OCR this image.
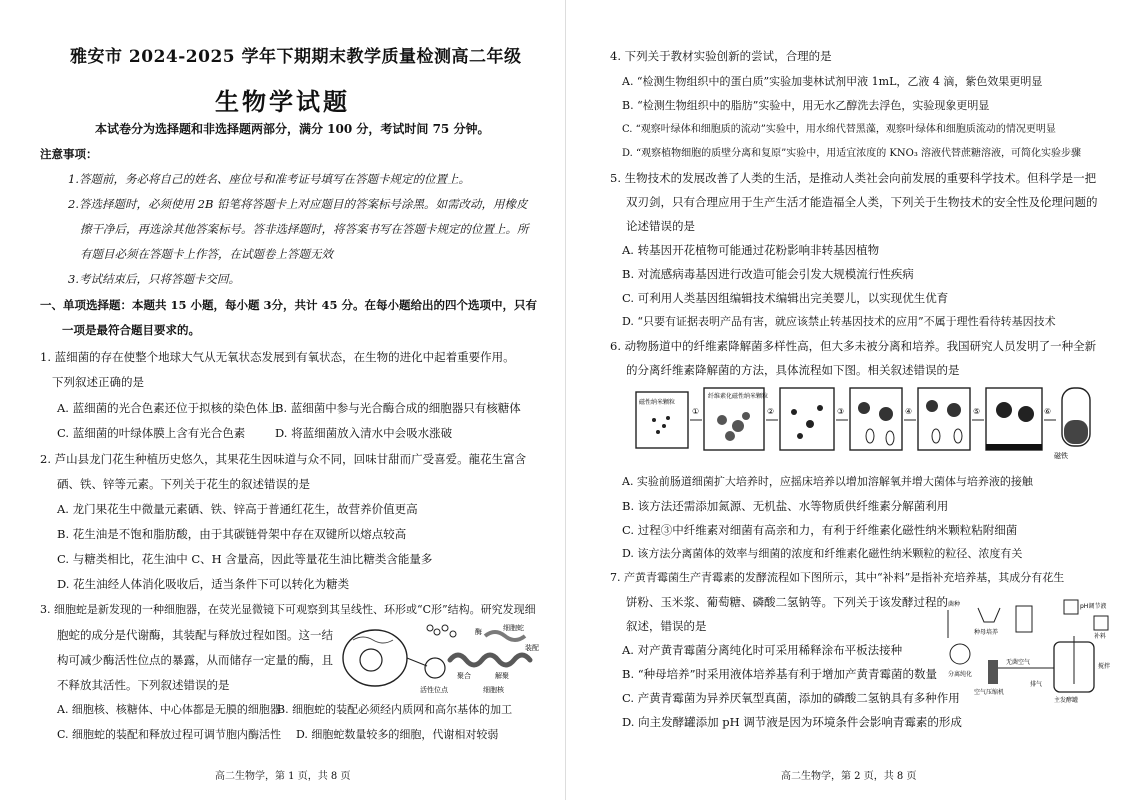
雅安市 2024-2025 学年下期期末教学质量检测高二年级
生物学试题
本试卷分为选择题和非选择题两部分，满分 100 分，考试时间 75 分钟。
注意事项：
1.答题前，务必将自己的姓名、座位号和准考证号填写在答题卡规定的位置上。
2.答选择题时，必须使用 2B 铅笔将答题卡上对应题目的答案标号涂黑。如需改动，用橡皮
擦干净后，再选涂其他答案标号。答非选择题时，将答案书写在答题卡规定的位置上。所
有题目必须在答题卡上作答，在试题卷上答题无效
3.考试结束后，只将答题卡交回。
一、单项选择题：本题共 15 小题，每小题 3分，共计 45 分。在每小题给出的四个选项中，只有
一项是最符合题目要求的。
1. 蓝细菌的存在使整个地球大气从无氧状态发展到有氧状态，在生物的进化中起着重要作用。
下列叙述正确的是
A. 蓝细菌的光合色素还位于拟核的染色体上
B. 蓝细菌中参与光合酶合成的细胞器只有核糖体
C. 蓝细菌的叶绿体膜上含有光合色素	D. 将蓝细菌放入清水中会吸水涨破
2. 芦山县龙门花生种植历史悠久，其果花生因味道与众不同，回味甘甜而广受喜爱。龍花生富含
硒、铁、锌等元素。下列关于花生的叙述错误的是
A. 龙门果花生中微量元素硒、铁、锌高于普通红花生，故营养价值更高
B. 花生油是不饱和脂肪酸，由于其碳链骨架中存在双键所以熔点较高
C. 与糖类相比，花生油中 C、H 含量高，因此等量花生油比糖类含能量多
D. 花生油经人体消化吸收后，适当条件下可以转化为糖类
3. 细胞蛇是新发现的一种细胞器，在荧光显微镜下可观察到其呈线性、环形或“C形”结构。研究发现细
胞蛇的成分是代谢酶，其装配与释放过程如图。这一结
构可减少酶活性位点的暴露，从而储存一定量的酶，且
不释放其活性。下列叙述错误的是
A. 细胞核、核糖体、中心体都是无膜的细胞器
B. 细胞蛇的装配必须经内质网和高尔基体的加工
C. 细胞蛇的装配和释放过程可调节胞内酶活性 D. 细胞蛇数量较多的细胞，代谢相对较弱
酶
聚合
装配
解聚
细胞蛇
活性位点	细胞核
高二生物学，第 1 页，共 8 页
4. 下列关于教材实验创新的尝试，合理的是
A. “检测生物组织中的蛋白质”实验加斐林试剂甲液 1mL，乙液 4 滴，紫色效果更明显
B. “检测生物组织中的脂肪”实验中，用无水乙醇洗去浮色，实验现象更明显
C. “观察叶绿体和细胞质的流动”实验中，用水绵代替黑藻，观察叶绿体和细胞质流动的情况更明显
D. “观察植物细胞的质壁分离和复原”实验中，用适宜浓度的 KNO₃ 溶液代替蔗糖溶液，可简化实验步骤
5. 生物技术的发展改善了人类的生活，是推动人类社会向前发展的重要科学技术。但科学是一把
双刃剑，只有合理应用于生产生活才能造福全人类，下列关于生物技术的安全性及伦理问题的
论述错误的是
A. 转基因开花植物可能通过花粉影响非转基因植物
B. 对流感病毒基因进行改造可能会引发大规模流行性疾病
C. 可利用人类基因组编辑技术编辑出完美婴儿，以实现优生优育
D. “只要有证据表明产品有害，就应该禁止转基因技术的应用”不属于理性看待转基因技术
6. 动物肠道中的纤维素降解菌多样性高，但大多未被分离和培养。我国研究人员发明了一种全新
的分离纤维素降解菌的方法，具体流程如下图。相关叙述错误的是
磁性纳米颗粒
①
纤维素化磁性纳米颗粒
②	③	④	⑤	⑥
磁铁
A. 实验前肠道细菌扩大培养时，应摇床培养以增加溶解氧并增大菌体与培养液的接触
B. 该方法还需添加氮源、无机盐、水等物质供纤维素分解菌利用
C. 过程③中纤维素对细菌有高亲和力，有利于纤维素化磁性纳米颗粒粘附细菌
D. 该方法分离菌体的效率与细菌的浓度和纤维素化磁性纳米颗粒的粒径、浓度有关
7. 产黄青霉菌生产青霉素的发酵流程如下图所示，其中“补料”是指补充培养基，其成分有花生
饼粉、玉米浆、葡萄糖、磷酸二氢钠等。下列关于该发酵过程的
叙述，错误的是
A. 对产黄青霉菌分离纯化时可采用稀释涂布平板法接种
B. “种母培养”时采用液体培养基有利于增加产黄青霉菌的数量
C. 产黄青霉菌为异养厌氧型真菌，添加的磷酸二氢钠具有多种作用
D. 向主发酵罐添加 pH 调节液是因为环境条件会影响青霉素的形成
菌种
分离纯化
种母培养
pH调节液
补料
空气压缩机
无菌空气
主发酵罐
排气
搅拌
高二生物学，第 2 页，共 8 页
